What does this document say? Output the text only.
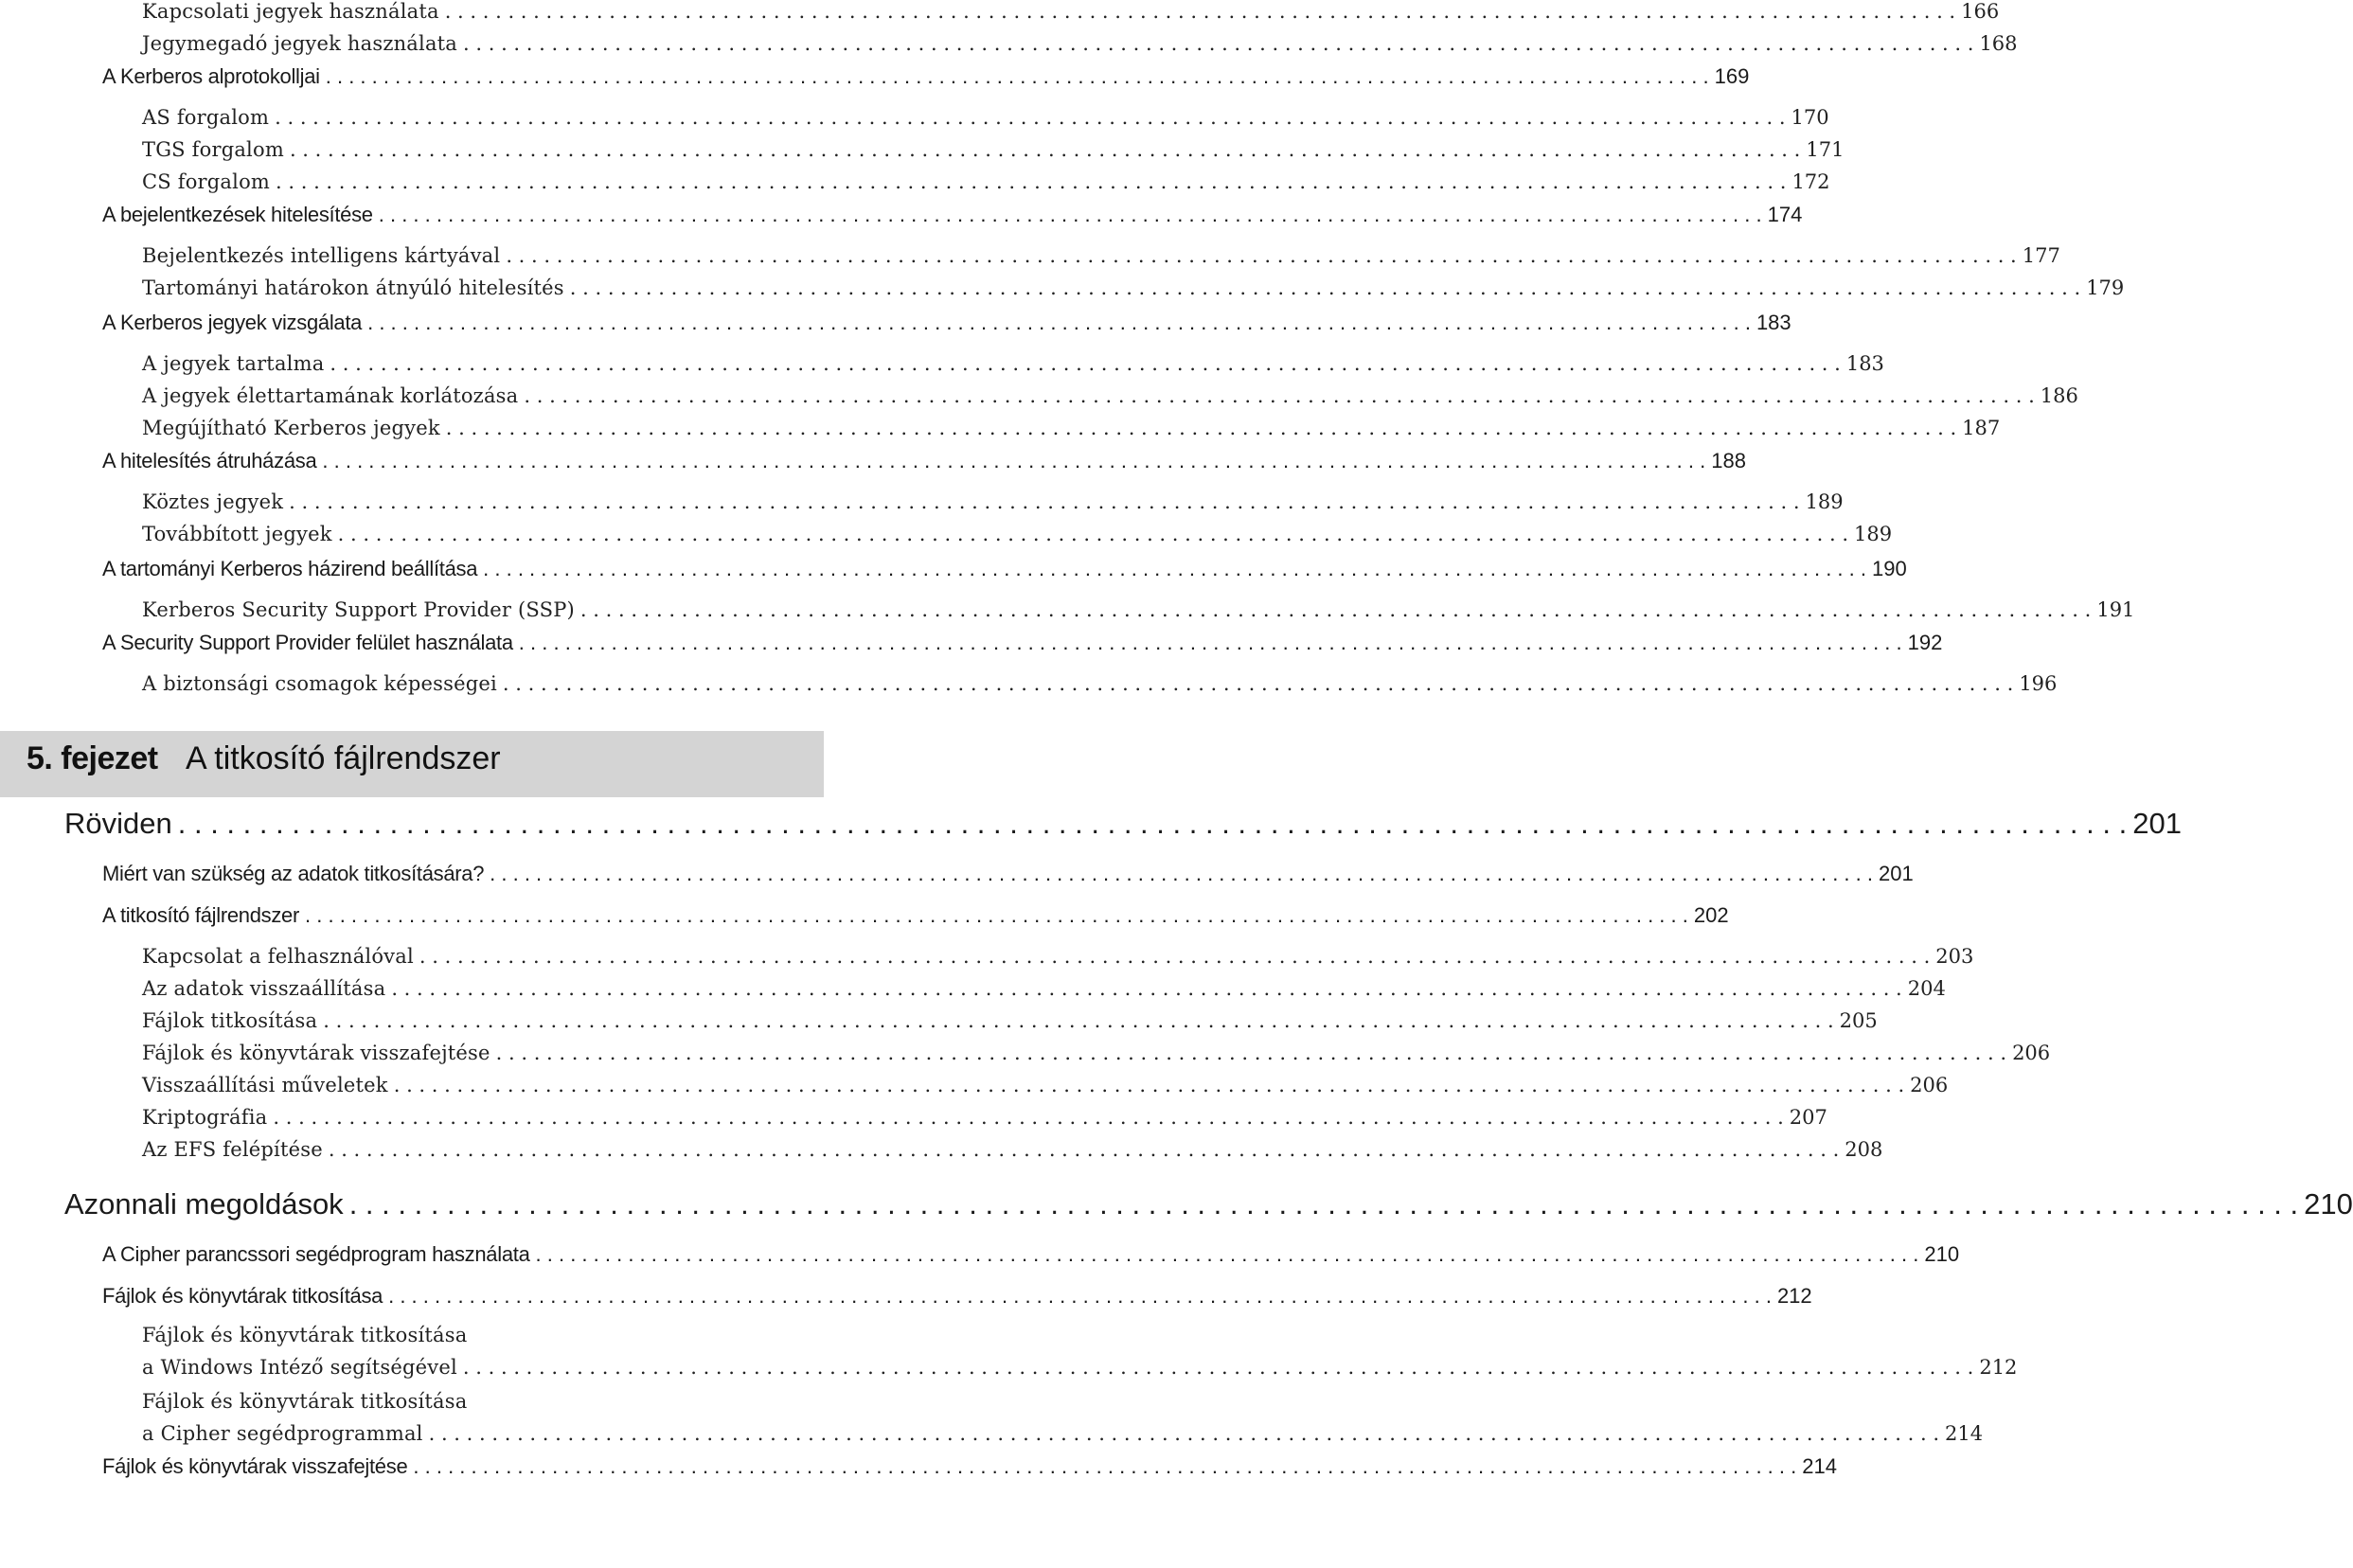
Kapcsolati jegyek használata . . . . . . . . . . . . . . . . . . . . . . . . . . . . . . . . . . . . . . . . . . . . . . . . . . . . . . . . . . . . . . . . . . . . . . . . . . . . . . . . . . . . . . . . . . . . . . . . . . . . . . . . . . . . . . . . . . . . . . . . 166
Jegymegadó jegyek használata . . . . . . . . . . . . . . . . . . . . . . . . . . . . . . . . . . . . . . . . . . . . . . . . . . . . . . . . . . . . . . . . . . . . . . . . . . . . . . . . . . . . . . . . . . . . . . . . . . . . . . . . . . . . . . . . . . . . . . . . 168
A Kerberos alprotokolljai . . . . . . . . . . . . . . . . . . . . . . . . . . . . . . . . . . . . . . . . . . . . . . . . . . . . . . . . . . . . . . . . . . . . . . . . . . . . . . . . . . . . . . . . . . . . . . . . . . . . . . . . . . . . . . . . . . . . . . . . 169
AS forgalom . . . . . . . . . . . . . . . . . . . . . . . . . . . . . . . . . . . . . . . . . . . . . . . . . . . . . . . . . . . . . . . . . . . . . . . . . . . . . . . . . . . . . . . . . . . . . . . . . . . . . . . . . . . . . . . . . . . . . . . . 170
TGS forgalom . . . . . . . . . . . . . . . . . . . . . . . . . . . . . . . . . . . . . . . . . . . . . . . . . . . . . . . . . . . . . . . . . . . . . . . . . . . . . . . . . . . . . . . . . . . . . . . . . . . . . . . . . . . . . . . . . . . . . . . . 171
CS forgalom . . . . . . . . . . . . . . . . . . . . . . . . . . . . . . . . . . . . . . . . . . . . . . . . . . . . . . . . . . . . . . . . . . . . . . . . . . . . . . . . . . . . . . . . . . . . . . . . . . . . . . . . . . . . . . . . . . . . . . . . 172
A bejelentkezések hitelesítése . . . . . . . . . . . . . . . . . . . . . . . . . . . . . . . . . . . . . . . . . . . . . . . . . . . . . . . . . . . . . . . . . . . . . . . . . . . . . . . . . . . . . . . . . . . . . . . . . . . . . . . . . . . . . . . . . . . . . . . . 174
Bejelentkezés intelligens kártyával . . . . . . . . . . . . . . . . . . . . . . . . . . . . . . . . . . . . . . . . . . . . . . . . . . . . . . . . . . . . . . . . . . . . . . . . . . . . . . . . . . . . . . . . . . . . . . . . . . . . . . . . . . . . . . . . . . . . . . . . 177
Tartományi határokon átnyúló hitelesítés . . . . . . . . . . . . . . . . . . . . . . . . . . . . . . . . . . . . . . . . . . . . . . . . . . . . . . . . . . . . . . . . . . . . . . . . . . . . . . . . . . . . . . . . . . . . . . . . . . . . . . . . . . . . . . . . . . . . . . . . 179
A Kerberos jegyek vizsgálata . . . . . . . . . . . . . . . . . . . . . . . . . . . . . . . . . . . . . . . . . . . . . . . . . . . . . . . . . . . . . . . . . . . . . . . . . . . . . . . . . . . . . . . . . . . . . . . . . . . . . . . . . . . . . . . . . . . . . . . . 183
A jegyek tartalma . . . . . . . . . . . . . . . . . . . . . . . . . . . . . . . . . . . . . . . . . . . . . . . . . . . . . . . . . . . . . . . . . . . . . . . . . . . . . . . . . . . . . . . . . . . . . . . . . . . . . . . . . . . . . . . . . . . . . . . . 183
A jegyek élettartamának korlátozása . . . . . . . . . . . . . . . . . . . . . . . . . . . . . . . . . . . . . . . . . . . . . . . . . . . . . . . . . . . . . . . . . . . . . . . . . . . . . . . . . . . . . . . . . . . . . . . . . . . . . . . . . . . . . . . . . . . . . . . . 186
Megújítható Kerberos jegyek . . . . . . . . . . . . . . . . . . . . . . . . . . . . . . . . . . . . . . . . . . . . . . . . . . . . . . . . . . . . . . . . . . . . . . . . . . . . . . . . . . . . . . . . . . . . . . . . . . . . . . . . . . . . . . . . . . . . . . . . 187
A hitelesítés átruházása . . . . . . . . . . . . . . . . . . . . . . . . . . . . . . . . . . . . . . . . . . . . . . . . . . . . . . . . . . . . . . . . . . . . . . . . . . . . . . . . . . . . . . . . . . . . . . . . . . . . . . . . . . . . . . . . . . . . . . . . 188
Köztes jegyek . . . . . . . . . . . . . . . . . . . . . . . . . . . . . . . . . . . . . . . . . . . . . . . . . . . . . . . . . . . . . . . . . . . . . . . . . . . . . . . . . . . . . . . . . . . . . . . . . . . . . . . . . . . . . . . . . . . . . . . . 189
Továbbított jegyek . . . . . . . . . . . . . . . . . . . . . . . . . . . . . . . . . . . . . . . . . . . . . . . . . . . . . . . . . . . . . . . . . . . . . . . . . . . . . . . . . . . . . . . . . . . . . . . . . . . . . . . . . . . . . . . . . . . . . . . . 189
A tartományi Kerberos házirend beállítása . . . . . . . . . . . . . . . . . . . . . . . . . . . . . . . . . . . . . . . . . . . . . . . . . . . . . . . . . . . . . . . . . . . . . . . . . . . . . . . . . . . . . . . . . . . . . . . . . . . . . . . . . . . . . . . . . . . . . . . . 190
Kerberos Security Support Provider (SSP) . . . . . . . . . . . . . . . . . . . . . . . . . . . . . . . . . . . . . . . . . . . . . . . . . . . . . . . . . . . . . . . . . . . . . . . . . . . . . . . . . . . . . . . . . . . . . . . . . . . . . . . . . . . . . . . . . . . . . . . . 191
A Security Support Provider felület használata . . . . . . . . . . . . . . . . . . . . . . . . . . . . . . . . . . . . . . . . . . . . . . . . . . . . . . . . . . . . . . . . . . . . . . . . . . . . . . . . . . . . . . . . . . . . . . . . . . . . . . . . . . . . . . . . . . . . . . . . 192
A biztonsági csomagok képességei . . . . . . . . . . . . . . . . . . . . . . . . . . . . . . . . . . . . . . . . . . . . . . . . . . . . . . . . . . . . . . . . . . . . . . . . . . . . . . . . . . . . . . . . . . . . . . . . . . . . . . . . . . . . . . . . . . . . . . . . 196
5. fejezet A titkosító fájlrendszer
Röviden . . . . . . . . . . . . . . . . . . . . . . . . . . . . . . . . . . . . . . . . . . . . . . . . . . . . . . . . . . . . . . . . . . . . . . . . . . . . . . . . . . . . . . . . . . . . . . . . . . . . . . . . . . . . . . . . . . . . . . . . 201
Miért van szükség az adatok titkosítására? . . . . . . . . . . . . . . . . . . . . . . . . . . . . . . . . . . . . . . . . . . . . . . . . . . . . . . . . . . . . . . . . . . . . . . . . . . . . . . . . . . . . . . . . . . . . . . . . . . . . . . . . . . . . . . . . . . . . . . . . 201
A titkosító fájlrendszer . . . . . . . . . . . . . . . . . . . . . . . . . . . . . . . . . . . . . . . . . . . . . . . . . . . . . . . . . . . . . . . . . . . . . . . . . . . . . . . . . . . . . . . . . . . . . . . . . . . . . . . . . . . . . . . . . . . . . . . . 202
Kapcsolat a felhasználóval . . . . . . . . . . . . . . . . . . . . . . . . . . . . . . . . . . . . . . . . . . . . . . . . . . . . . . . . . . . . . . . . . . . . . . . . . . . . . . . . . . . . . . . . . . . . . . . . . . . . . . . . . . . . . . . . . . . . . . . . 203
Az adatok visszaállítása . . . . . . . . . . . . . . . . . . . . . . . . . . . . . . . . . . . . . . . . . . . . . . . . . . . . . . . . . . . . . . . . . . . . . . . . . . . . . . . . . . . . . . . . . . . . . . . . . . . . . . . . . . . . . . . . . . . . . . . . 204
Fájlok titkosítása . . . . . . . . . . . . . . . . . . . . . . . . . . . . . . . . . . . . . . . . . . . . . . . . . . . . . . . . . . . . . . . . . . . . . . . . . . . . . . . . . . . . . . . . . . . . . . . . . . . . . . . . . . . . . . . . . . . . . . . . 205
Fájlok és könyvtárak visszafejtése . . . . . . . . . . . . . . . . . . . . . . . . . . . . . . . . . . . . . . . . . . . . . . . . . . . . . . . . . . . . . . . . . . . . . . . . . . . . . . . . . . . . . . . . . . . . . . . . . . . . . . . . . . . . . . . . . . . . . . . . 206
Visszaállítási műveletek . . . . . . . . . . . . . . . . . . . . . . . . . . . . . . . . . . . . . . . . . . . . . . . . . . . . . . . . . . . . . . . . . . . . . . . . . . . . . . . . . . . . . . . . . . . . . . . . . . . . . . . . . . . . . . . . . . . . . . . . 206
Kriptográfia . . . . . . . . . . . . . . . . . . . . . . . . . . . . . . . . . . . . . . . . . . . . . . . . . . . . . . . . . . . . . . . . . . . . . . . . . . . . . . . . . . . . . . . . . . . . . . . . . . . . . . . . . . . . . . . . . . . . . . . . 207
Az EFS felépítése . . . . . . . . . . . . . . . . . . . . . . . . . . . . . . . . . . . . . . . . . . . . . . . . . . . . . . . . . . . . . . . . . . . . . . . . . . . . . . . . . . . . . . . . . . . . . . . . . . . . . . . . . . . . . . . . . . . . . . . . 208
Azonnali megoldások . . . . . . . . . . . . . . . . . . . . . . . . . . . . . . . . . . . . . . . . . . . . . . . . . . . . . . . . . . . . . . . . . . . . . . . . . . . . . . . . . . . . . . . . . . . . . . . . . . . . . . . . . . . . . . . . . . . . . . . . 210
A Cipher parancssori segédprogram használata . . . . . . . . . . . . . . . . . . . . . . . . . . . . . . . . . . . . . . . . . . . . . . . . . . . . . . . . . . . . . . . . . . . . . . . . . . . . . . . . . . . . . . . . . . . . . . . . . . . . . . . . . . . . . . . . . . . . . . . . 210
Fájlok és könyvtárak titkosítása . . . . . . . . . . . . . . . . . . . . . . . . . . . . . . . . . . . . . . . . . . . . . . . . . . . . . . . . . . . . . . . . . . . . . . . . . . . . . . . . . . . . . . . . . . . . . . . . . . . . . . . . . . . . . . . . . . . . . . . . 212
Fájlok és könyvtárak titkosítása
a Windows Intéző segítségével . . . . . . . . . . . . . . . . . . . . . . . . . . . . . . . . . . . . . . . . . . . . . . . . . . . . . . . . . . . . . . . . . . . . . . . . . . . . . . . . . . . . . . . . . . . . . . . . . . . . . . . . . . . . . . . . . . . . . . . . 212
Fájlok és könyvtárak titkosítása
a Cipher segédprogrammal . . . . . . . . . . . . . . . . . . . . . . . . . . . . . . . . . . . . . . . . . . . . . . . . . . . . . . . . . . . . . . . . . . . . . . . . . . . . . . . . . . . . . . . . . . . . . . . . . . . . . . . . . . . . . . . . . . . . . . . . 214
Fájlok és könyvtárak visszafejtése . . . . . . . . . . . . . . . . . . . . . . . . . . . . . . . . . . . . . . . . . . . . . . . . . . . . . . . . . . . . . . . . . . . . . . . . . . . . . . . . . . . . . . . . . . . . . . . . . . . . . . . . . . . . . . . . . . . . . . . . 214
